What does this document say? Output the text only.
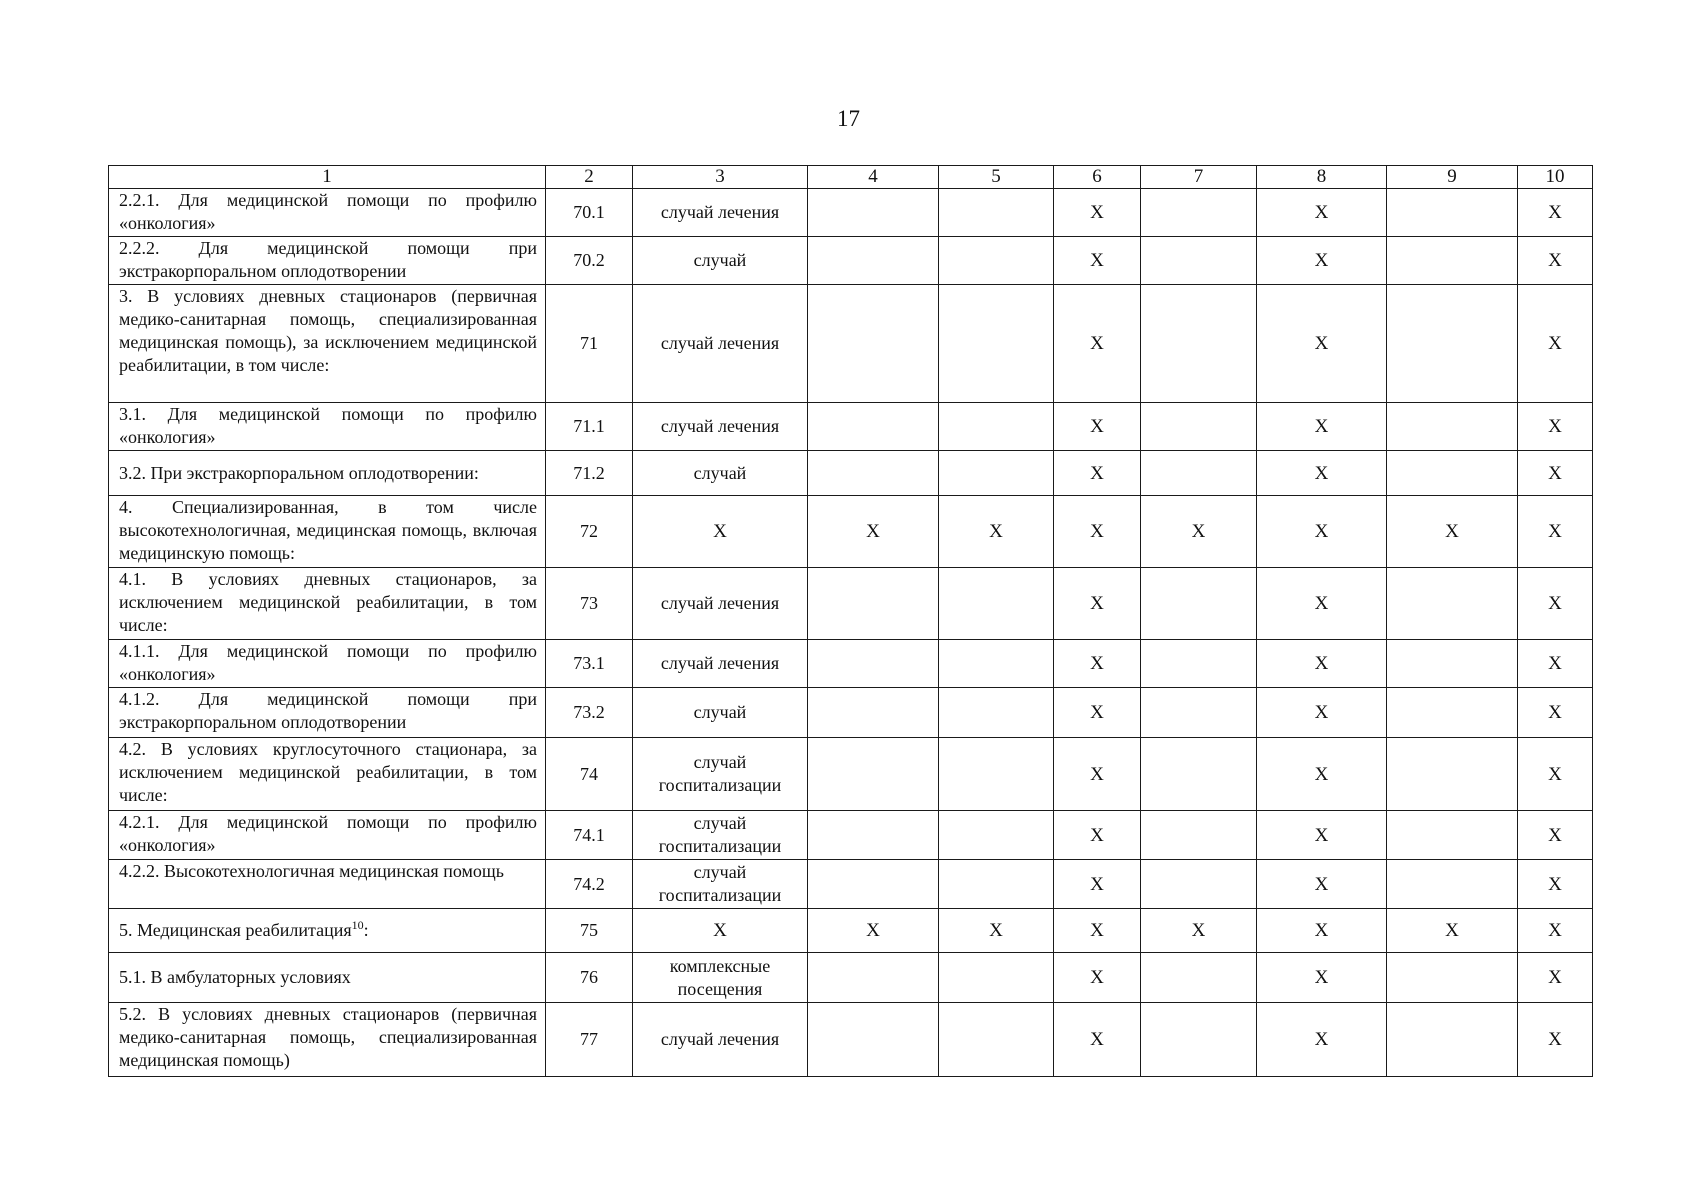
17
1	2	3	4	5	6	7	8	9	10
2.2.1. Для медицинской помощи по профилю «онкология»	70.1	случай лечения			X		X		X
2.2.2. Для медицинской помощи при экстракорпоральном оплодотворении	70.2	случай			X		X		X
3. В условиях дневных стационаров (первичная медико-санитарная помощь, специализированная медицинская помощь), за исключением медицинской реабилитации, в том числе:	71	случай лечения			X		X		X
3.1. Для медицинской помощи по профилю «онкология»	71.1	случай лечения			X		X		X
3.2. При экстракорпоральном оплодотворении:	71.2	случай			X		X		X
4. Специализированная, в том числе высокотехнологичная, медицинская помощь, включая медицинскую помощь:	72	X	X	X	X	X	X	X	X
4.1. В условиях дневных стационаров, за исключением медицинской реабилитации, в том числе:	73	случай лечения			X		X		X
4.1.1. Для медицинской помощи по профилю «онкология»	73.1	случай лечения			X		X		X
4.1.2. Для медицинской помощи при экстракорпоральном оплодотворении	73.2	случай			X		X		X
4.2. В условиях круглосуточного стационара, за исключением медицинской реабилитации, в том числе:	74	случай госпитализации			X		X		X
4.2.1. Для медицинской помощи по профилю «онкология»	74.1	случай госпитализации			X		X		X
4.2.2. Высокотехнологичная медицинская помощь	74.2	случай госпитализации			X		X		X
5. Медицинская реабилитация$^{10}$:	75	X	X	X	X	X	X	X	X
5.1. В амбулаторных условиях	76	комплексные посещения			X		X		X
5.2. В условиях дневных стационаров (первичная медико-санитарная помощь, специализированная медицинская помощь)	77	случай лечения			X		X		X
